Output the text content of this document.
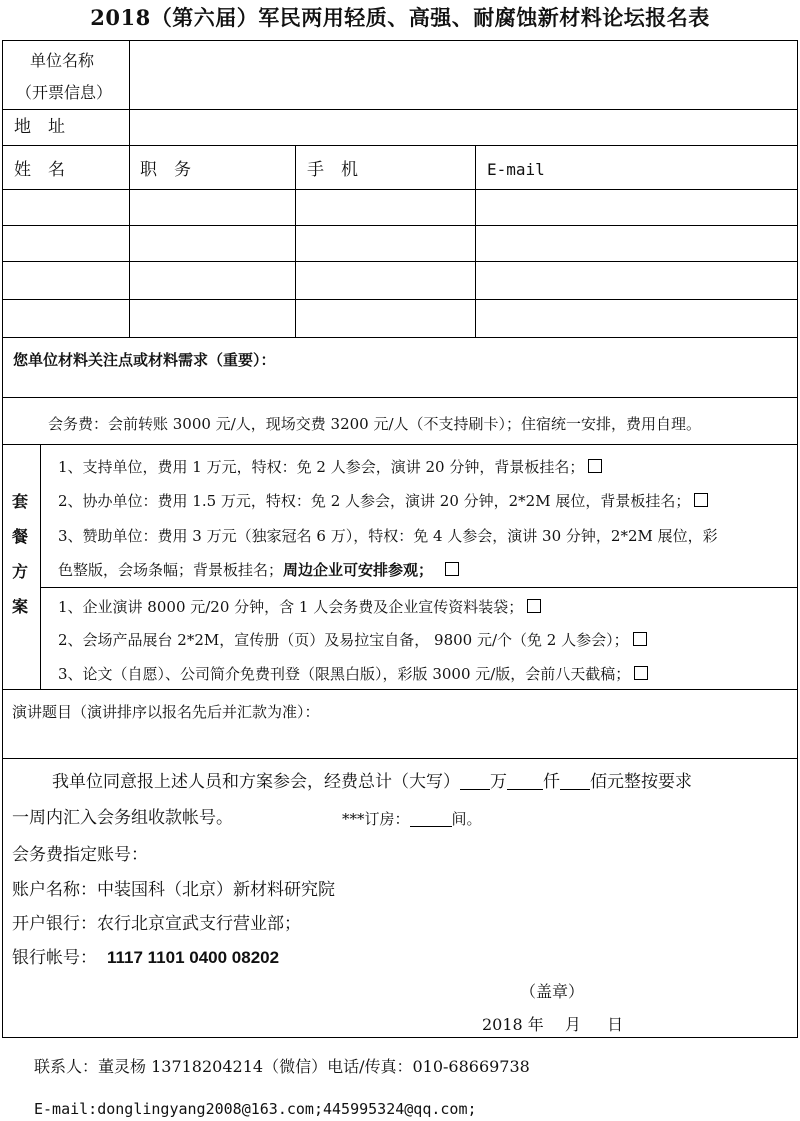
2018（第六届）军民两用轻质、高强、耐腐蚀新材料论坛报名表
单位名称
（开票信息）
地　址
姓　名	职　务	手　机	E-mail
您单位材料关注点或材料需求（重要）：
会务费：会前转账 3000 元/人，现场交费 3200 元/人（不支持刷卡）；住宿统一安排，费用自理。
套
餐
方
案
1、支持单位，费用 1 万元，特权：免 2 人参会，演讲 20 分钟，背景板挂名；
2、协办单位：费用 1.5 万元，特权：免 2 人参会，演讲 20 分钟，2*2M 展位，背景板挂名；
3、赞助单位：费用 3 万元（独家冠名 6 万），特权：免 4 人参会，演讲 30 分钟，2*2M 展位，彩
色整版，会场条幅；背景板挂名；周边企业可安排参观；
1、企业演讲 8000 元/20 分钟，含 1 人会务费及企业宣传资料装袋；
2、会场产品展台 2*2M，宣传册（页）及易拉宝自备， 9800 元/个（免 2 人参会）；
3、论文（自愿）、公司简介免费刊登（限黑白版），彩版 3000 元/版，会前八天截稿；
演讲题目（演讲排序以报名先后并汇款为准）：
我单位同意报上述人员和方案参会，经费总计（大写） 万 仟 佰元整按要求
一周内汇入会务组收款帐号。	***订房：	间。
会务费指定账号：
账户名称：中装国科（北京）新材料研究院
开户银行：农行北京宣武支行营业部；
银行帐号： 1117 1101 0400 08202
（盖章）
2018 年　 月 　 日
联系人：董灵杨 13718204214（微信）电话/传真：010-68669738
E-mail:donglingyang2008@163.com;445995324@qq.com;
